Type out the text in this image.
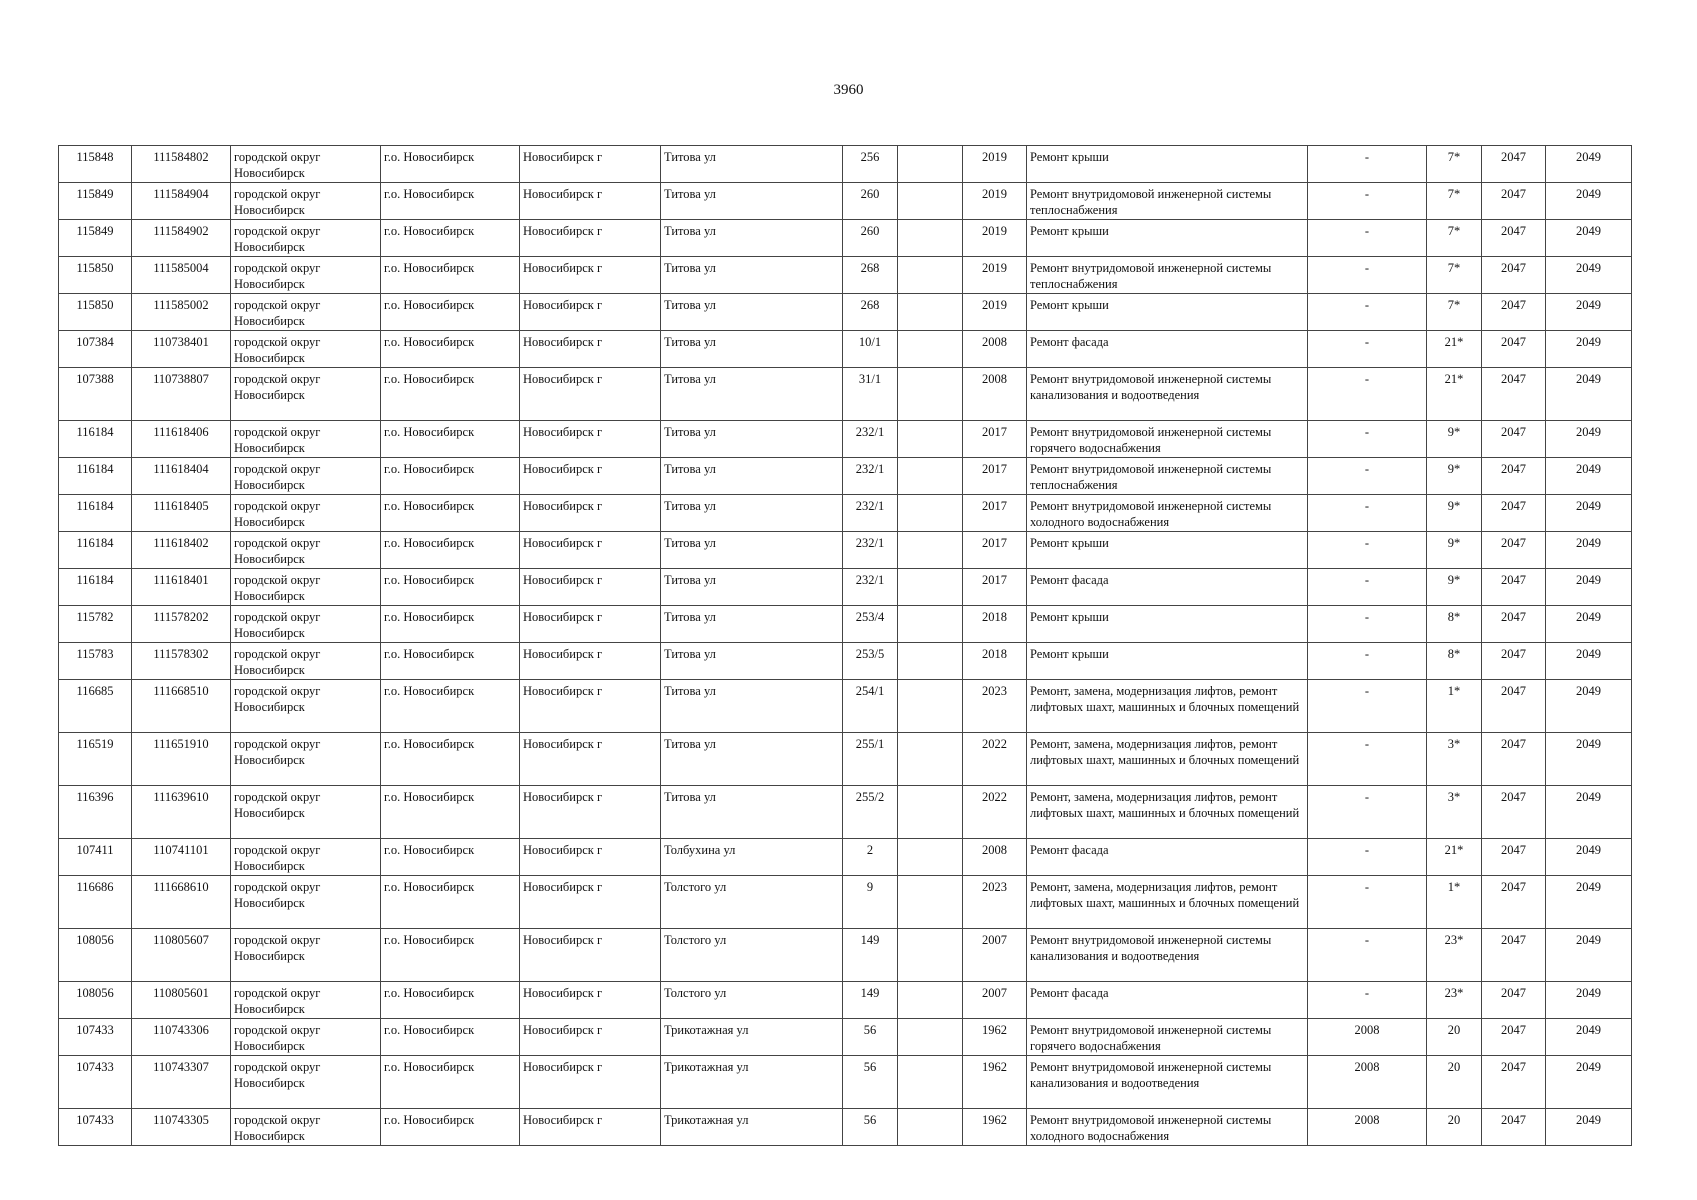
3960
115848	111584802	городской округ Новосибирск	г.о. Новосибирск	Новосибирск г	Титова ул	256		2019	Ремонт крыши	-	7*	2047	2049
115849	111584904	городской округ Новосибирск	г.о. Новосибирск	Новосибирск г	Титова ул	260		2019	Ремонт внутридомовой инженерной системы теплоснабжения	-	7*	2047	2049
115849	111584902	городской округ Новосибирск	г.о. Новосибирск	Новосибирск г	Титова ул	260		2019	Ремонт крыши	-	7*	2047	2049
115850	111585004	городской округ Новосибирск	г.о. Новосибирск	Новосибирск г	Титова ул	268		2019	Ремонт внутридомовой инженерной системы теплоснабжения	-	7*	2047	2049
115850	111585002	городской округ Новосибирск	г.о. Новосибирск	Новосибирск г	Титова ул	268		2019	Ремонт крыши	-	7*	2047	2049
107384	110738401	городской округ Новосибирск	г.о. Новосибирск	Новосибирск г	Титова ул	10/1		2008	Ремонт фасада	-	21*	2047	2049
107388	110738807	городской округ Новосибирск	г.о. Новосибирск	Новосибирск г	Титова ул	31/1		2008	Ремонт внутридомовой инженерной системы канализования и водоотведения	-	21*	2047	2049
116184	111618406	городской округ Новосибирск	г.о. Новосибирск	Новосибирск г	Титова ул	232/1		2017	Ремонт внутридомовой инженерной системы горячего водоснабжения	-	9*	2047	2049
116184	111618404	городской округ Новосибирск	г.о. Новосибирск	Новосибирск г	Титова ул	232/1		2017	Ремонт внутридомовой инженерной системы теплоснабжения	-	9*	2047	2049
116184	111618405	городской округ Новосибирск	г.о. Новосибирск	Новосибирск г	Титова ул	232/1		2017	Ремонт внутридомовой инженерной системы холодного водоснабжения	-	9*	2047	2049
116184	111618402	городской округ Новосибирск	г.о. Новосибирск	Новосибирск г	Титова ул	232/1		2017	Ремонт крыши	-	9*	2047	2049
116184	111618401	городской округ Новосибирск	г.о. Новосибирск	Новосибирск г	Титова ул	232/1		2017	Ремонт фасада	-	9*	2047	2049
115782	111578202	городской округ Новосибирск	г.о. Новосибирск	Новосибирск г	Титова ул	253/4		2018	Ремонт крыши	-	8*	2047	2049
115783	111578302	городской округ Новосибирск	г.о. Новосибирск	Новосибирск г	Титова ул	253/5		2018	Ремонт крыши	-	8*	2047	2049
116685	111668510	городской округ Новосибирск	г.о. Новосибирск	Новосибирск г	Титова ул	254/1		2023	Ремонт, замена, модернизация лифтов, ремонт лифтовых шахт, машинных и блочных помещений	-	1*	2047	2049
116519	111651910	городской округ Новосибирск	г.о. Новосибирск	Новосибирск г	Титова ул	255/1		2022	Ремонт, замена, модернизация лифтов, ремонт лифтовых шахт, машинных и блочных помещений	-	3*	2047	2049
116396	111639610	городской округ Новосибирск	г.о. Новосибирск	Новосибирск г	Титова ул	255/2		2022	Ремонт, замена, модернизация лифтов, ремонт лифтовых шахт, машинных и блочных помещений	-	3*	2047	2049
107411	110741101	городской округ Новосибирск	г.о. Новосибирск	Новосибирск г	Толбухина ул	2		2008	Ремонт фасада	-	21*	2047	2049
116686	111668610	городской округ Новосибирск	г.о. Новосибирск	Новосибирск г	Толстого ул	9		2023	Ремонт, замена, модернизация лифтов, ремонт лифтовых шахт, машинных и блочных помещений	-	1*	2047	2049
108056	110805607	городской округ Новосибирск	г.о. Новосибирск	Новосибирск г	Толстого ул	149		2007	Ремонт внутридомовой инженерной системы канализования и водоотведения	-	23*	2047	2049
108056	110805601	городской округ Новосибирск	г.о. Новосибирск	Новосибирск г	Толстого ул	149		2007	Ремонт фасада	-	23*	2047	2049
107433	110743306	городской округ Новосибирск	г.о. Новосибирск	Новосибирск г	Трикотажная ул	56		1962	Ремонт внутридомовой инженерной системы горячего водоснабжения	2008	20	2047	2049
107433	110743307	городской округ Новосибирск	г.о. Новосибирск	Новосибирск г	Трикотажная ул	56		1962	Ремонт внутридомовой инженерной системы канализования и водоотведения	2008	20	2047	2049
107433	110743305	городской округ Новосибирск	г.о. Новосибирск	Новосибирск г	Трикотажная ул	56		1962	Ремонт внутридомовой инженерной системы холодного водоснабжения	2008	20	2047	2049
